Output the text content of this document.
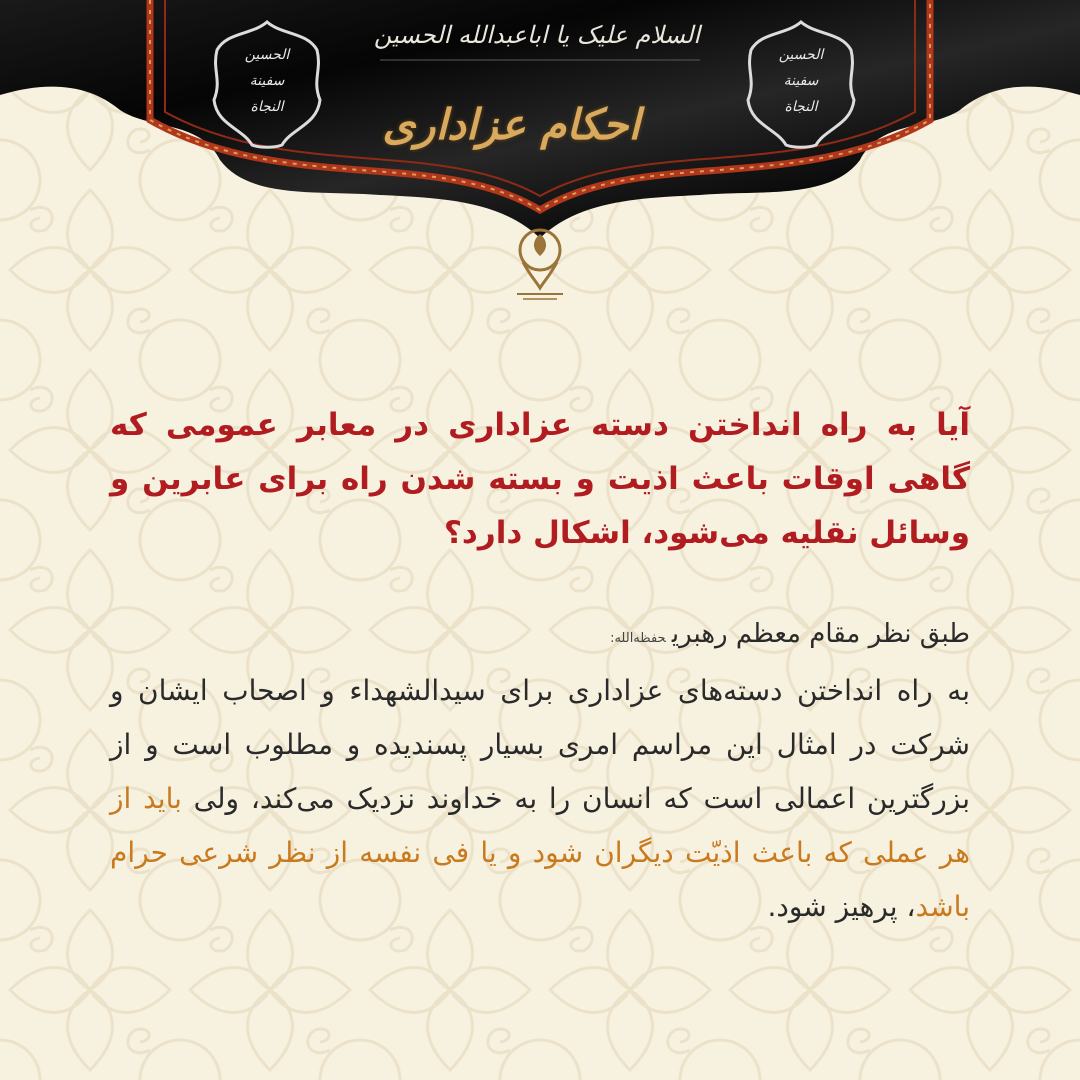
السلام علیک یا اباعبدالله الحسین
احکام عزاداری
الحسین
سفینة
النجاة
الحسین
سفینة
النجاة
آیا به راه انداختن دسته عزاداری در معابر عمومی که گاهی اوقات باعث اذیت و بسته شدن راه برای عابرین و وسائل نقلیه می‌شود، اشکال دارد؟
طبق نظر مقام معظم رهبریحفظه‌الله:
به راه انداختن دسته‌های عزاداری برای سیدالشهداء و اصحاب ایشان و شرکت در امثال این مراسم امری بسیار پسندیده و مطلوب است و از بزرگترین اعمالی است که انسان را به خداوند نزدیک می‌کند، ولی باید از هر عملی که باعث اذیّت دیگران شود و یا فی نفسه از نظر شرعی حرام باشد، پرهیز شود.
